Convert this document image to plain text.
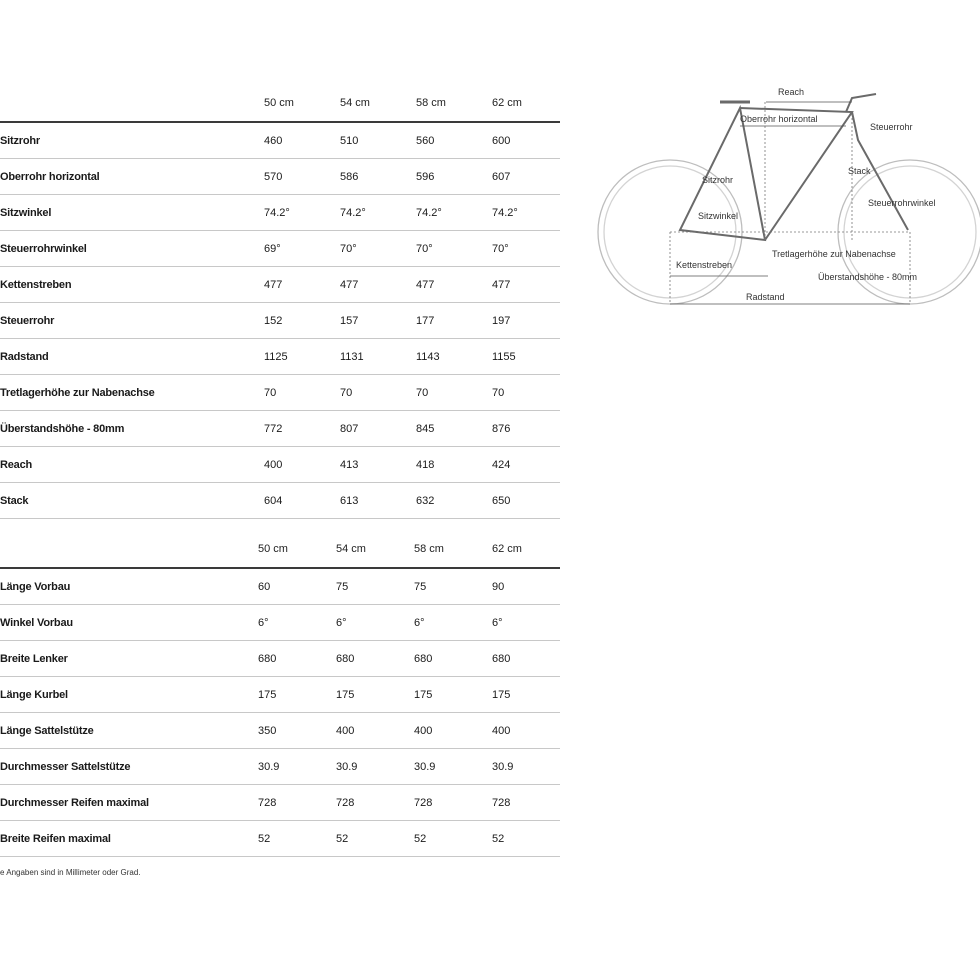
50 cm	54 cm	58 cm	62 cm
Sitzrohr	460	510	560	600
Oberrohr horizontal	570	586	596	607
Sitzwinkel	74.2°	74.2°	74.2°	74.2°
Steuerrohrwinkel	69°	70°	70°	70°
Kettenstreben	477	477	477	477
Steuerrohr	152	157	177	197
Radstand	1125	1131	1143	1155
Tretlagerhöhe zur Nabenachse	70	70	70	70
Überstandshöhe - 80mm	772	807	845	876
Reach	400	413	418	424
Stack	604	613	632	650
50 cm	54 cm	58 cm	62 cm
Länge Vorbau	60	75	75	90
Winkel Vorbau	6°	6°	6°	6°
Breite Lenker	680	680	680	680
Länge Kurbel	175	175	175	175
Länge Sattelstütze	350	400	400	400
Durchmesser Sattelstütze	30.9	30.9	30.9	30.9
Durchmesser Reifen maximal	728	728	728	728
Breite Reifen maximal	52	52	52	52
e Angaben sind in Millimeter oder Grad.
Reach
Oberrohr horizontal
Steuerrohr
Sitzrohr
Stack
Steuerrohrwinkel
Sitzwinkel
Tretlagerhöhe zur Nabenachse
Kettenstreben
Überstandshöhe - 80mm
Radstand
